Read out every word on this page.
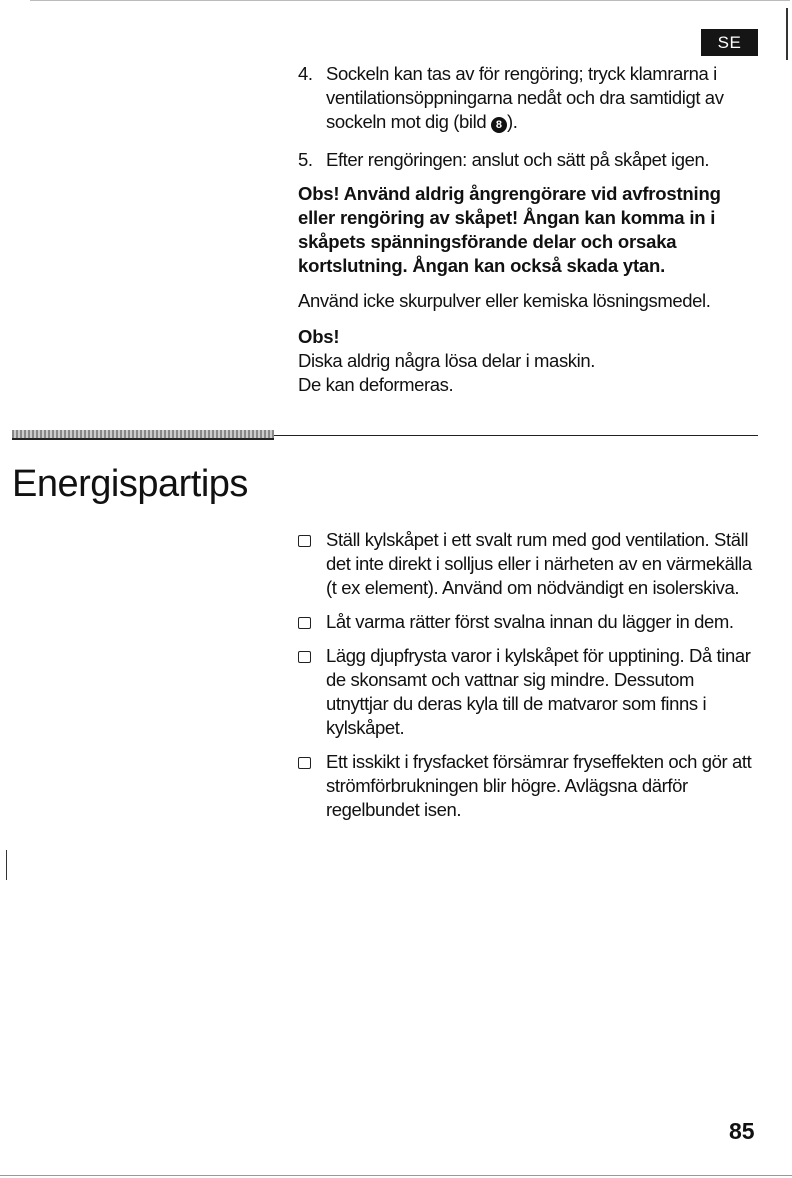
SE
4. Sockeln kan tas av för rengöring; tryck klamrarna i ventilationsöppningarna nedåt och dra samtidigt av sockeln mot dig (bild 8 ).
5. Efter rengöringen: anslut och sätt på skåpet igen.

Obs! Använd aldrig ångrengörare vid avfrostning eller rengöring av skåpet! Ångan kan komma in i skåpets spänningsförande delar och orsaka kortslutning. Ångan kan också skada ytan.

Använd icke skurpulver eller kemiska lösningsmedel.

Obs!

Diska aldrig några lösa delar i maskin.

De kan deformeras.

Energispartips
Ställ kylskåpet i ett svalt rum med god ventilation. Ställ det inte direkt i solljus eller i närheten av en värmekälla (t ex element). Använd om nödvändigt en isolerskiva.
Låt varma rätter först svalna innan du lägger in dem.
Lägg djupfrysta varor i kylskåpet för upptining. Då tinar de skonsamt och vattnar sig mindre. Dessutom utnyttjar du deras kyla till de matvaror som finns i kylskåpet.
Ett isskikt i frysfacket försämrar fryseffekten och gör att strömförbrukningen blir högre. Avlägsna därför regelbundet isen.
85
